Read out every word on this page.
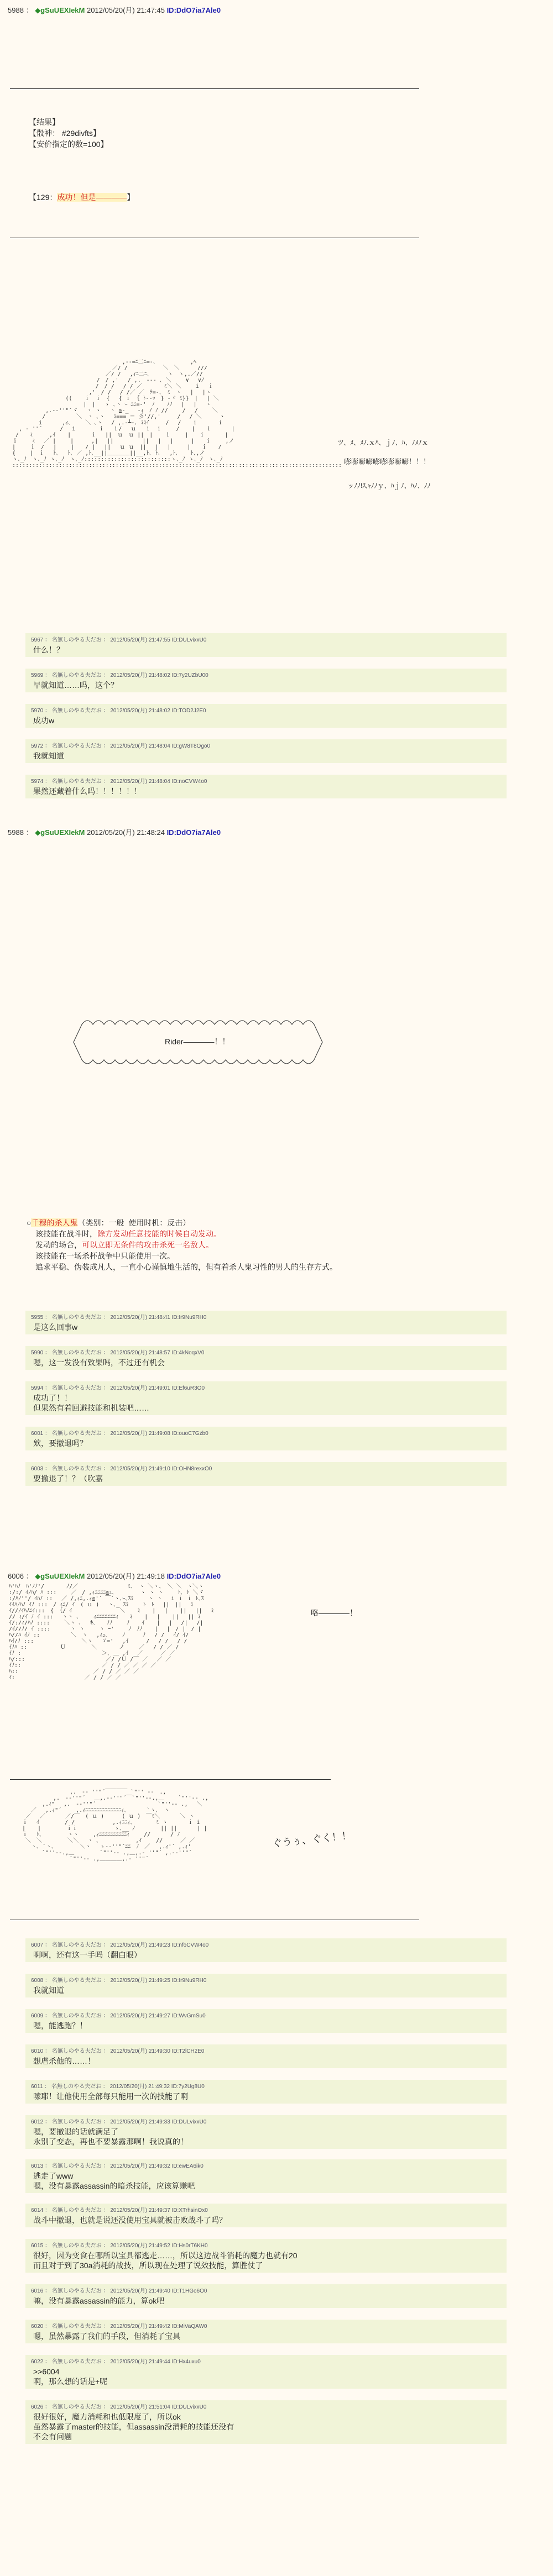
5988 ： ◆gSuUEXIekM 2012/05/20(月) 21:47:45 ID:DdO7ia7Ale0
【结果】
【骰神： #29divfts】
【安价指定的数=100】
【129：成功！但是————】
,‐-=ﾆ二ﾆ=-､　　  　　　,ﾍ
／/ /　 　 　 　 ＼　＼ 　　 ///
／/ /　 ,ｨﾆ二ﾆ､ 　　 ヽ　ヽ,.／//
　　     /　/ ,'　 / ,.　-‐‐ ､ ＼　　 ∨　 ∨ﾉ
/　/ /　 / / ／　　　　ﾐ＼ ＼　　 i　 ｉ
,'　/ /　 / /／ ／　ﾃ=-､　ﾐ　ヽ　 |　 |ヽ
(( 　 ｉ　ｉ　{ 　{ ｉ ｛ ﾄ‐-ｯ　} ‐ヾ ﾐ}}　|　 | ＼
　　 |　|　 ゝ ､ヽ ｰ ﾆﾆ=‐'　ﾉ 　 ﾉﾉ　 |　 |　 ヽ
,.-‐''"´ヾ 　ヽ ヽ　 ヽ ≧-_ 　‐ｨ　ﾉ ﾉ //　　 /　 /　　 ＼
/　　　　　 ＼　ヽ ､ヽ 　ﾐ=== ＝ 彡'//,'　　　/ 　/ ＼ 　　 ヽ
i　　　 ,ｨ､　　 ＼ ､ヽ 　/ ,.‐┴-､ ﾐﾐｲ　　　/ 　/　　ｉ　　　 ｉ
, ‐ ''´ 　　 / 　i　　 　 ｉ　 ｉ/ 　ｕ　 ｉ　ｉ 　　/ 　 |　　ｉ　　 　|
/　　ﾐ　　　,ｲ 　 |　　　 ｉ　 ||　ｕ　ｕ ||　| 　 ｉ 　　|　　ｉ　　 　|
ｉ　　 ﾐ　 ／ |　　 |　 　 ,|　 ||　 　　　 ||　 |　 |　 　 |　　ｉ　　 ,ノ
|　　 ｉ　/ 　|　　 |　　/ |　 ||　 ｕ ｕ　||　 |　 |　　　|　　ｉ　　/
{　　 |　ｉ　 ﾄ､　 ﾄ､ ／ ,ﾄ､__||＿＿＿＿||__,ﾄ､ ﾄ､　 ,ﾄ､ 　 ﾄ､,ノ
ゝ､_ﾉ　ゝ､_ﾉ ゝ､_ﾉ　ゝ､_ﾉ::::::::::::::::::::::::::ゝ､_ﾉ ゝ､_ﾉ　ゝ､_ﾉ
::::::::::::::::::::::::::::::::::::::::::::::::::::::::::::::::::::::::::::::::::::::::::::::::::: 嘭嘭嘭嘭嘭嘭嘭嘭嘭！！！
ツ、ﾒ、ﾒﾉ.ｘﾊ、ｊﾉ、ﾊ、ﾉﾒﾉｘ
ッﾉﾉ!ｽ,ｬﾉﾉｙ、ﾊｊﾉ、ﾊﾉ、ﾉﾉ
5967 ： 名無しのやる夫だお ： 2012/05/20(月) 21:47:55 ID:DULvixxU0
什么！？
5969 ： 名無しのやる夫だお ： 2012/05/20(月) 21:48:02 ID:7y2UZbU00
早就知道……吗，这个？
5970 ： 名無しのやる夫だお ： 2012/05/20(月) 21:48:02 ID:TOD2J2E0
成功w
5972 ： 名無しのやる夫だお ： 2012/05/20(月) 21:48:04 ID:gW8T8Ogo0
我就知道
5974 ： 名無しのやる夫だお ： 2012/05/20(月) 21:48:04 ID:noCVW4o0
果然还藏着什么吗！！！！！！
5988 ： ◆gSuUEXIekM 2012/05/20(月) 21:48:24 ID:DdO7ia7Ale0
Rider————！！
○千穆的杀人鬼（类别：一般  使用时机：反击）
该技能在战斗时，除方发动任意技能的时候自动发动。
发动的场合，可以立即无条件的攻击杀死一名敌人。
该技能在一场杀杯战争中只能使用一次。
追求平稳、伪装成凡人，一直小心谨慎地生活的，但有着杀人鬼习性的男人的生存方式。
5955 ： 名無しのやる夫だお ： 2012/05/20(月) 21:48:41 ID:Ir9Nu9RH0
是这么回事w
5990 ： 名無しのやる夫だお ： 2012/05/20(月) 21:48:57 ID:4kNoqxV0
嗯，这一发没有致果吗，不过还有机会
5994 ： 名無しのやる夫だお ： 2012/05/20(月) 21:49:01 ID:Ef6uR3O0
成功了！！
但果然有着回避技能和机装吧……
6001 ： 名無しのやる夫だお ： 2012/05/20(月) 21:49:08 ID:ouoC7Gzb0
欸，要撤退吗？
6003 ： 名無しのやる夫だお ： 2012/05/20(月) 21:49:10 ID:OHN8rexxO0
要撤退了！？（吹嘉
6006 ： ◆gSuUEXIekM 2012/05/20(月) 21:49:18 ID:DdO7ia7Ale0
ﾊ'ﾊﾉ　ﾊ'ﾉﾉ'/　　　　ﾉ/／　　　　　　　　　ﾐ､　ヽ ＼ヽ、　＼ ＼　ヽ＼ヽ
:/:/ ｲﾉﾊ/ ﾊ :::　　 ／　/ ,ｨﾆﾆﾆﾆ≧ｭ､　　　　 ヽ ヽ ヽ　　 ﾄ､ ﾄ ＼ヾ
:/ﾊﾉ''/ ｲﾊﾉ ::　 ／ /,ｨﾆ,.ｨ≦'´ ￣`ヽ､ｰ､ｽﾐ　 　ヽ ヽ　 i ｉ ｉ ﾄ､ｽ
ｲｲﾊﾉﾊﾉ ｲﾉ :::　/ ｨﾆ/ ｲ　( ｕ )　 ヽ､_ ｽﾐ　　 ﾄ　ﾄ　 ||　|| 　ﾐ
ｲ//ﾉｲﾊﾉﾆｲ:::　{ ｛/ ｲ　　　　　　　　 ＼ 　 ﾐ 　 | 　| 　 || 　|| 　ﾐ
// ｨ/ｲ ﾉ ｲ :::　 ヽヽ ､　 　ｨﾆﾆﾆﾆﾆﾆﾆｨ　　ﾐ 　 | 　| 　 || 　|| ﾐ
ｲ/:/ｨ/ﾊﾉ ::::　　 ＼ヽ ､　 ｷ､　　ﾉﾉ　　 ﾉ 　 ｲ 　 | 　|　 /|　 /|
/ｲ//ﾉ/ ｲ ::::　　　 ヽ ヽ　　 ヽ ｰ'　 　ﾉ　ﾉﾉ 　 | 　|　/ |　/ |
ﾊ//ﾊ ｲﾉ ::　　　　　 ＼　ヽ　 ,ｨｭ､　　 ﾉ 　　 ﾉ 　/ /　 ｲ/ ｲ/
ﾊｲ/ﾉ :::　　　　　　　　 ＼ヽ 　ゞ='　 ,ｲ 　 　/ 　/ /　 / /
ｲﾉﾊ ::　　　　　　Ｕ　　　 　＼　　　　ノ　　 ／ 　/ / ／ /
ｲﾉ :　　　　　　　　　　　　　　 ＞､ ＿ ,ｲ　 ／ 　　 ／ ／
ﾊ/:::　　　　　　　　　　　　　 　／/ /Ｕ /￣ ／ 　／ ／
ｲﾉ::　　　　　　　　　　　　　　 ／ / / ／ ／ ／ ／
ﾊ::　　　　　　　　　　　　　 ／ / / ／ ／ ／
ｲ:　　　　　　　　　　　　 ／ / / ／ ／
咯————！
　　　　　　　　　 ,.　-‐ ''"´￣￣￣￣ `"'' ‐-　.,
　　　　　　 ,.　-‐''"´　 ＿,.-‐''"´￣`"''‐-.,＿　　 `"''‐- .,
　　　　 ,.ｨ"　 ,.　-‐''"´　　　　　　　　　 　 `"''‐- .,　 ＼
　　 ／　 ,.ｨ"´　　 ,.ｨﾆﾆﾆﾆﾆﾆﾆﾆﾆﾆﾆﾆﾆｨ､　　　 `ヽ､　ヽ
　 ／ 　／　　　 ／/￣　( ｕ )　 　 ( ｕ )　￣ﾐ＼　　　 ＼ ヽ
　ｉ　 ｲ　　　　 / / 　　　　 　 ,.ｨﾆﾆｨ､　　 　 ﾐ ヽ　　　 ｉ i
　| 　 |　　　　 ｉｉ 　　　　　　ゝ､__ ﾉ　　　　 || ||　　　 | |
　ｉ　 ﾄ､　　　　 ヽヽ　 　,ｨﾆﾆﾆﾆﾆﾆﾆﾆﾆﾆｨ　　 // 　　　/ ﾉ
　 ＼　＼　　　　 ＼＼ 　ヽ ､　　　　　　 ,ｲ　 　// 　　 ／ ／
　　 ヽ､ `ヽ､　　　　 ＼ヽ 　ゝ-‐''"´ﾆﾆ　ﾉ　／ 　,.ｨ'´ ,.ｨ'
　　　　 `"''‐-.,＿　　　　 `"''‐- .,＿,.- ''"´ ,.-‐''"´
　　　　　　　　　 `"''‐- .,＿＿＿＿,.- ''"´
ぐうぅ、ぐく！！
6007 ： 名無しのやる夫だお ： 2012/05/20(月) 21:49:23 ID:nfoCVW4o0
啊啊，还有这一手吗（翻白眼）
6008 ： 名無しのやる夫だお ： 2012/05/20(月) 21:49:25 ID:Ir9Nu9RH0
我就知道
6009 ： 名無しのやる夫だお ： 2012/05/20(月) 21:49:27 ID:WvGmSu0
嗯，能逃跑？！
6010 ： 名無しのやる夫だお ： 2012/05/20(月) 21:49:30 ID:T2lCH2E0
想虐杀他的……！
6011 ： 名無しのやる夫だお ： 2012/05/20(月) 21:49:32 ID:7y2Ug8U0
嗦耶！让他使用全部每只能用一次的技能了啊
6012 ： 名無しのやる夫だお ： 2012/05/20(月) 21:49:33 ID:DULvixxU0
嗯，要撤退的话就满足了
永别了变态，再也不要暴露那啊！我说真的！
6013 ： 名無しのやる夫だお ： 2012/05/20(月) 21:49:32 ID:ewEA6ik0
逃走了www
嗯，没有暴露assassin的暗杀技能，应该算赚吧
6014 ： 名無しのやる夫だお ： 2012/05/20(月) 21:49:37 ID:XTrhsinOx0
战斗中撤退，也就是说还没使用宝具就被击败战斗了吗？
6015 ： 名無しのやる夫だお ： 2012/05/20(月) 21:49:52 ID:Hs0rT6KH0
很好，因为变食在哪所以宝具都逃走……，所以这边战斗消耗的魔力也就有20
而且对于到了30a消耗的战技，所以现在处理了说效技能，算胜仗了
6016 ： 名無しのやる夫だお ： 2012/05/20(月) 21:49:40 ID:T1HGo6O0
嘛，没有暴露assassin的能力，算ok吧
6020 ： 名無しのやる夫だお ： 2012/05/20(月) 21:49:42 ID:MiVaQAW0
嗯，虽然暴露了我们的手段，但消耗了宝具
6022 ： 名無しのやる夫だお ： 2012/05/20(月) 21:49:44 ID:Hx4uxu0
>>6004
啊，那么想的话是+呢
6026 ： 名無しのやる夫だお ： 2012/05/20(月) 21:51:04 ID:DULvixxU0
很好很好，魔力消耗和也低限度了，所以ok
虽然暴露了master的技能，但assassin没消耗的技能还没有
不会有问题
